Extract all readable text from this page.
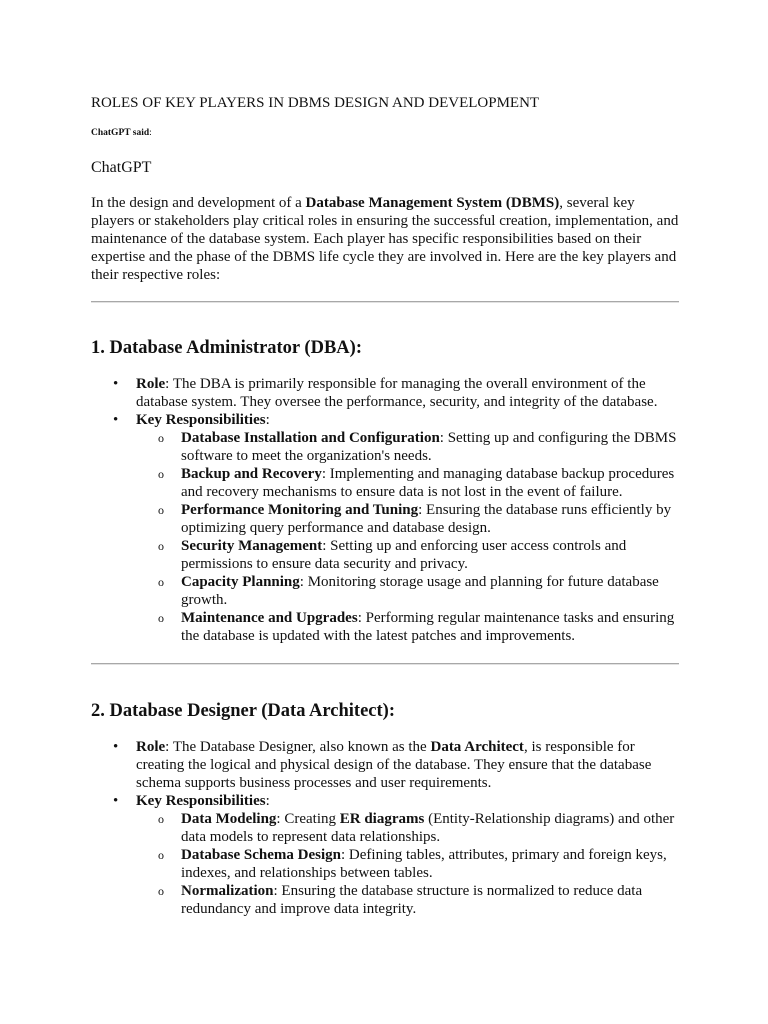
ROLES OF KEY PLAYERS IN DBMS DESIGN AND DEVELOPMENT
ChatGPT said:
ChatGPT
In the design and development of a Database Management System (DBMS), several key players or stakeholders play critical roles in ensuring the successful creation, implementation, and maintenance of the database system. Each player has specific responsibilities based on their expertise and the phase of the DBMS life cycle they are involved in. Here are the key players and their respective roles:
1. Database Administrator (DBA):
• Role: The DBA is primarily responsible for managing the overall environment of the database system. They oversee the performance, security, and integrity of the database.
• Key Responsibilities:
o Database Installation and Configuration: Setting up and configuring the DBMS software to meet the organization's needs.
o Backup and Recovery: Implementing and managing database backup procedures and recovery mechanisms to ensure data is not lost in the event of failure.
o Performance Monitoring and Tuning: Ensuring the database runs efficiently by optimizing query performance and database design.
o Security Management: Setting up and enforcing user access controls and permissions to ensure data security and privacy.
o Capacity Planning: Monitoring storage usage and planning for future database growth.
o Maintenance and Upgrades: Performing regular maintenance tasks and ensuring the database is updated with the latest patches and improvements.
2. Database Designer (Data Architect):
• Role: The Database Designer, also known as the Data Architect, is responsible for creating the logical and physical design of the database. They ensure that the database schema supports business processes and user requirements.
• Key Responsibilities:
o Data Modeling: Creating ER diagrams (Entity-Relationship diagrams) and other data models to represent data relationships.
o Database Schema Design: Defining tables, attributes, primary and foreign keys, indexes, and relationships between tables.
o Normalization: Ensuring the database structure is normalized to reduce data redundancy and improve data integrity.
